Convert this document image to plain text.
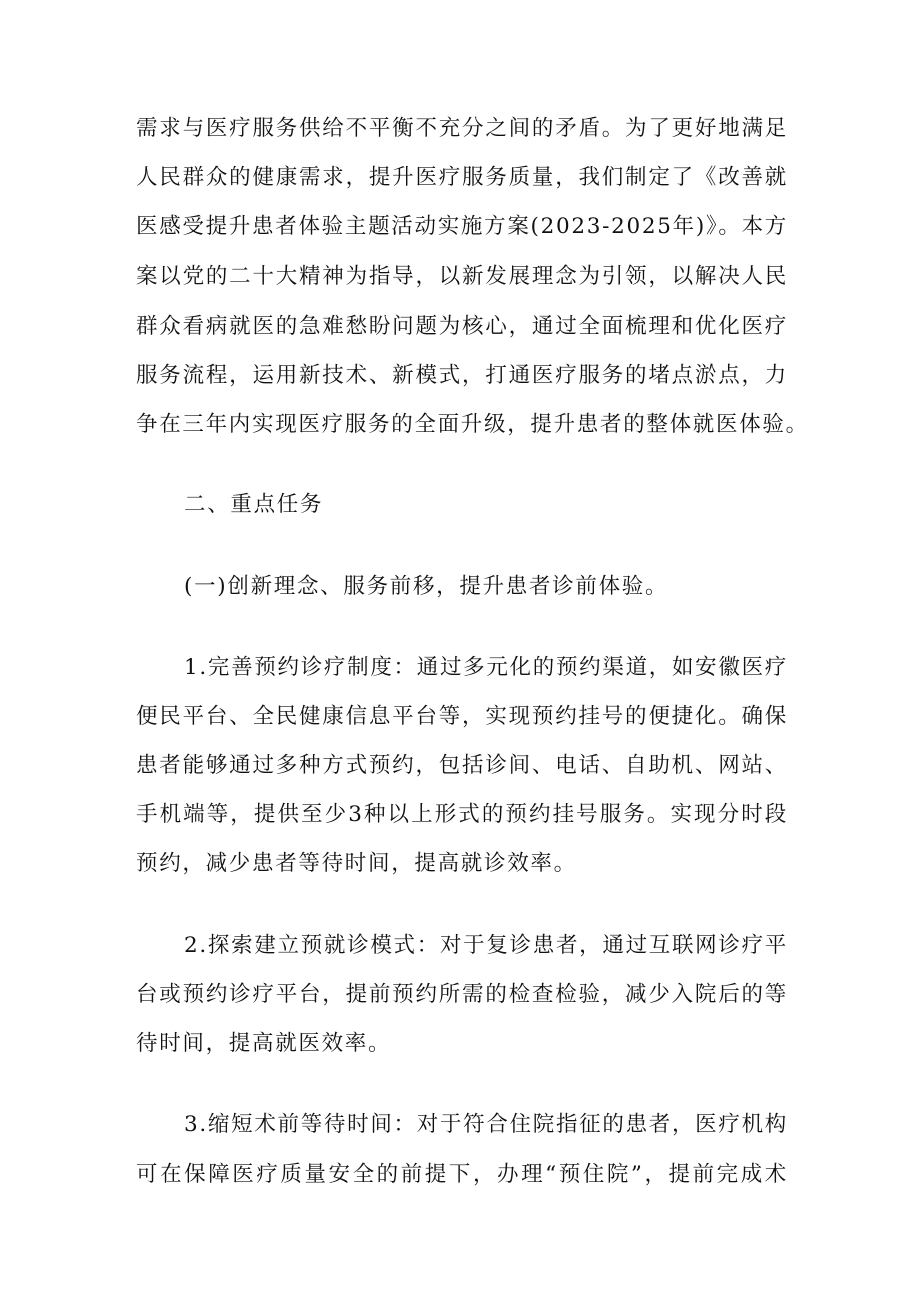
需求与医疗服务供给不平衡不充分之间的矛盾。为了更好地满足
人民群众的健康需求，提升医疗服务质量，我们制定了《改善就
医感受提升患者体验主题活动实施方案(2023-2025年)》。本方
案以党的二十大精神为指导，以新发展理念为引领，以解决人民
群众看病就医的急难愁盼问题为核心，通过全面梳理和优化医疗
服务流程，运用新技术、新模式，打通医疗服务的堵点淤点，力
争在三年内实现医疗服务的全面升级，提升患者的整体就医体验。
二、重点任务
(一)创新理念、服务前移，提升患者诊前体验。
1.完善预约诊疗制度：通过多元化的预约渠道，如安徽医疗
便民平台、全民健康信息平台等，实现预约挂号的便捷化。确保
患者能够通过多种方式预约，包括诊间、电话、自助机、网站、
手机端等，提供至少3种以上形式的预约挂号服务。实现分时段
预约，减少患者等待时间，提高就诊效率。
2.探索建立预就诊模式：对于复诊患者，通过互联网诊疗平
台或预约诊疗平台，提前预约所需的检查检验，减少入院后的等
待时间，提高就医效率。
3.缩短术前等待时间：对于符合住院指征的患者，医疗机构
可在保障医疗质量安全的前提下，办理“预住院”，提前完成术
